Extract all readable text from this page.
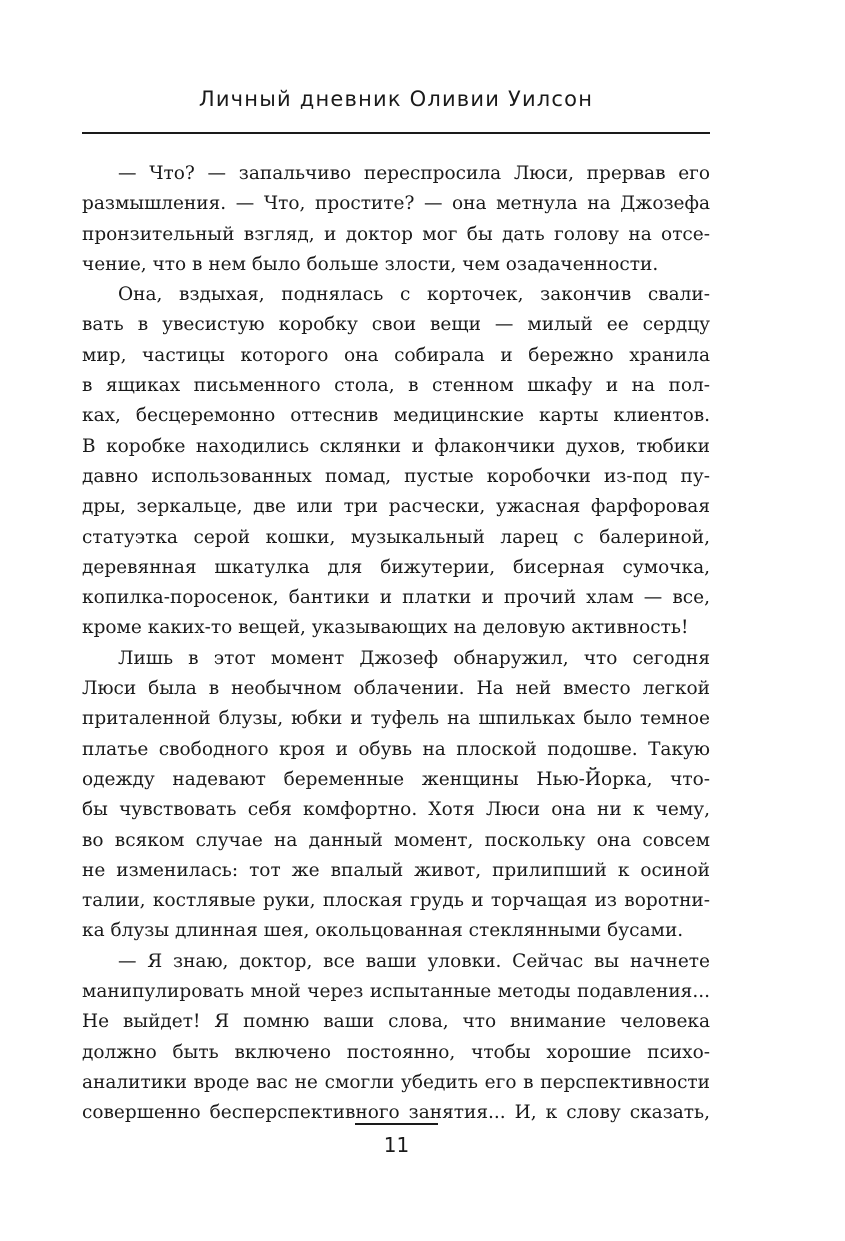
Личный дневник Оливии Уилсон
— Что? — запальчиво переспросила Люси, прервав его
размышления. — Что, простите? — она метнула на Джозефа
пронзительный взгляд, и доктор мог бы дать голову на отсе-
чение, что в нем было больше злости, чем озадаченности.
Она, вздыхая, поднялась с корточек, закончив свали-
вать в увесистую коробку свои вещи — милый ее сердцу
мир, частицы которого она собирала и бережно хранила
в ящиках письменного стола, в стенном шкафу и на пол-
ках, бесцеремонно оттеснив медицинские карты клиентов.
В коробке находились склянки и флакончики духов, тюбики
давно использованных помад, пустые коробочки из-под пу-
дры, зеркальце, две или три расчески, ужасная фарфоровая
статуэтка серой кошки, музыкальный ларец с балериной,
деревянная шкатулка для бижутерии, бисерная сумочка,
копилка-поросенок, бантики и платки и прочий хлам — все,
кроме каких-то вещей, указывающих на деловую активность!
Лишь в этот момент Джозеф обнаружил, что сегодня
Люси была в необычном облачении. На ней вместо легкой
приталенной блузы, юбки и туфель на шпильках было темное
платье свободного кроя и обувь на плоской подошве. Такую
одежду надевают беременные женщины Нью-Йорка, что-
бы чувствовать себя комфортно. Хотя Люси она ни к чему,
во всяком случае на данный момент, поскольку она совсем
не изменилась: тот же впалый живот, прилипший к осиной
талии, костлявые руки, плоская грудь и торчащая из воротни-
ка блузы длинная шея, окольцованная стеклянными бусами.
— Я знаю, доктор, все ваши уловки. Сейчас вы начнете
манипулировать мной через испытанные методы подавления...
Не выйдет! Я помню ваши слова, что внимание человека
должно быть включено постоянно, чтобы хорошие психо-
аналитики вроде вас не смогли убедить его в перспективности
совершенно бесперспективного занятия... И, к слову сказать,
11
